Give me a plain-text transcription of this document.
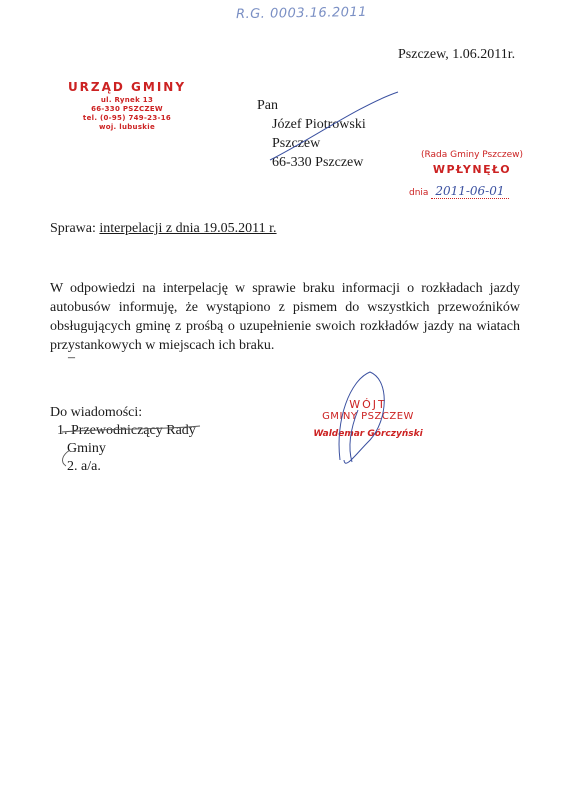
R.G. 0003.16.2011
Pszczew, 1.06.2011r.
URZĄD GMINY
ul. Rynek 13
66-330 PSZCZEW
tel. (0-95) 749-23-16
woj. lubuskie
Pan
Józef Piotrowski
Pszczew
66-330 Pszczew	(Rada Gminy Pszczew)
WPŁYNĘŁO
dnia 2011-06-01
Sprawa: interpelacji z dnia 19.05.2011 r.
W odpowiedzi na interpelację w sprawie braku informacji o rozkładach jazdy autobusów informuję, że wystąpiono z pismem do wszystkich przewoźników obsługujących gminę z prośbą o uzupełnienie swoich rozkładów jazdy na wiatach przystankowych w miejscach ich braku.
–
Do wiadomości:
1. Przewodniczący Rady
Gminy
2. a/a.
WÓJT
GMINY PSZCZEW
Waldemar Górczyński
